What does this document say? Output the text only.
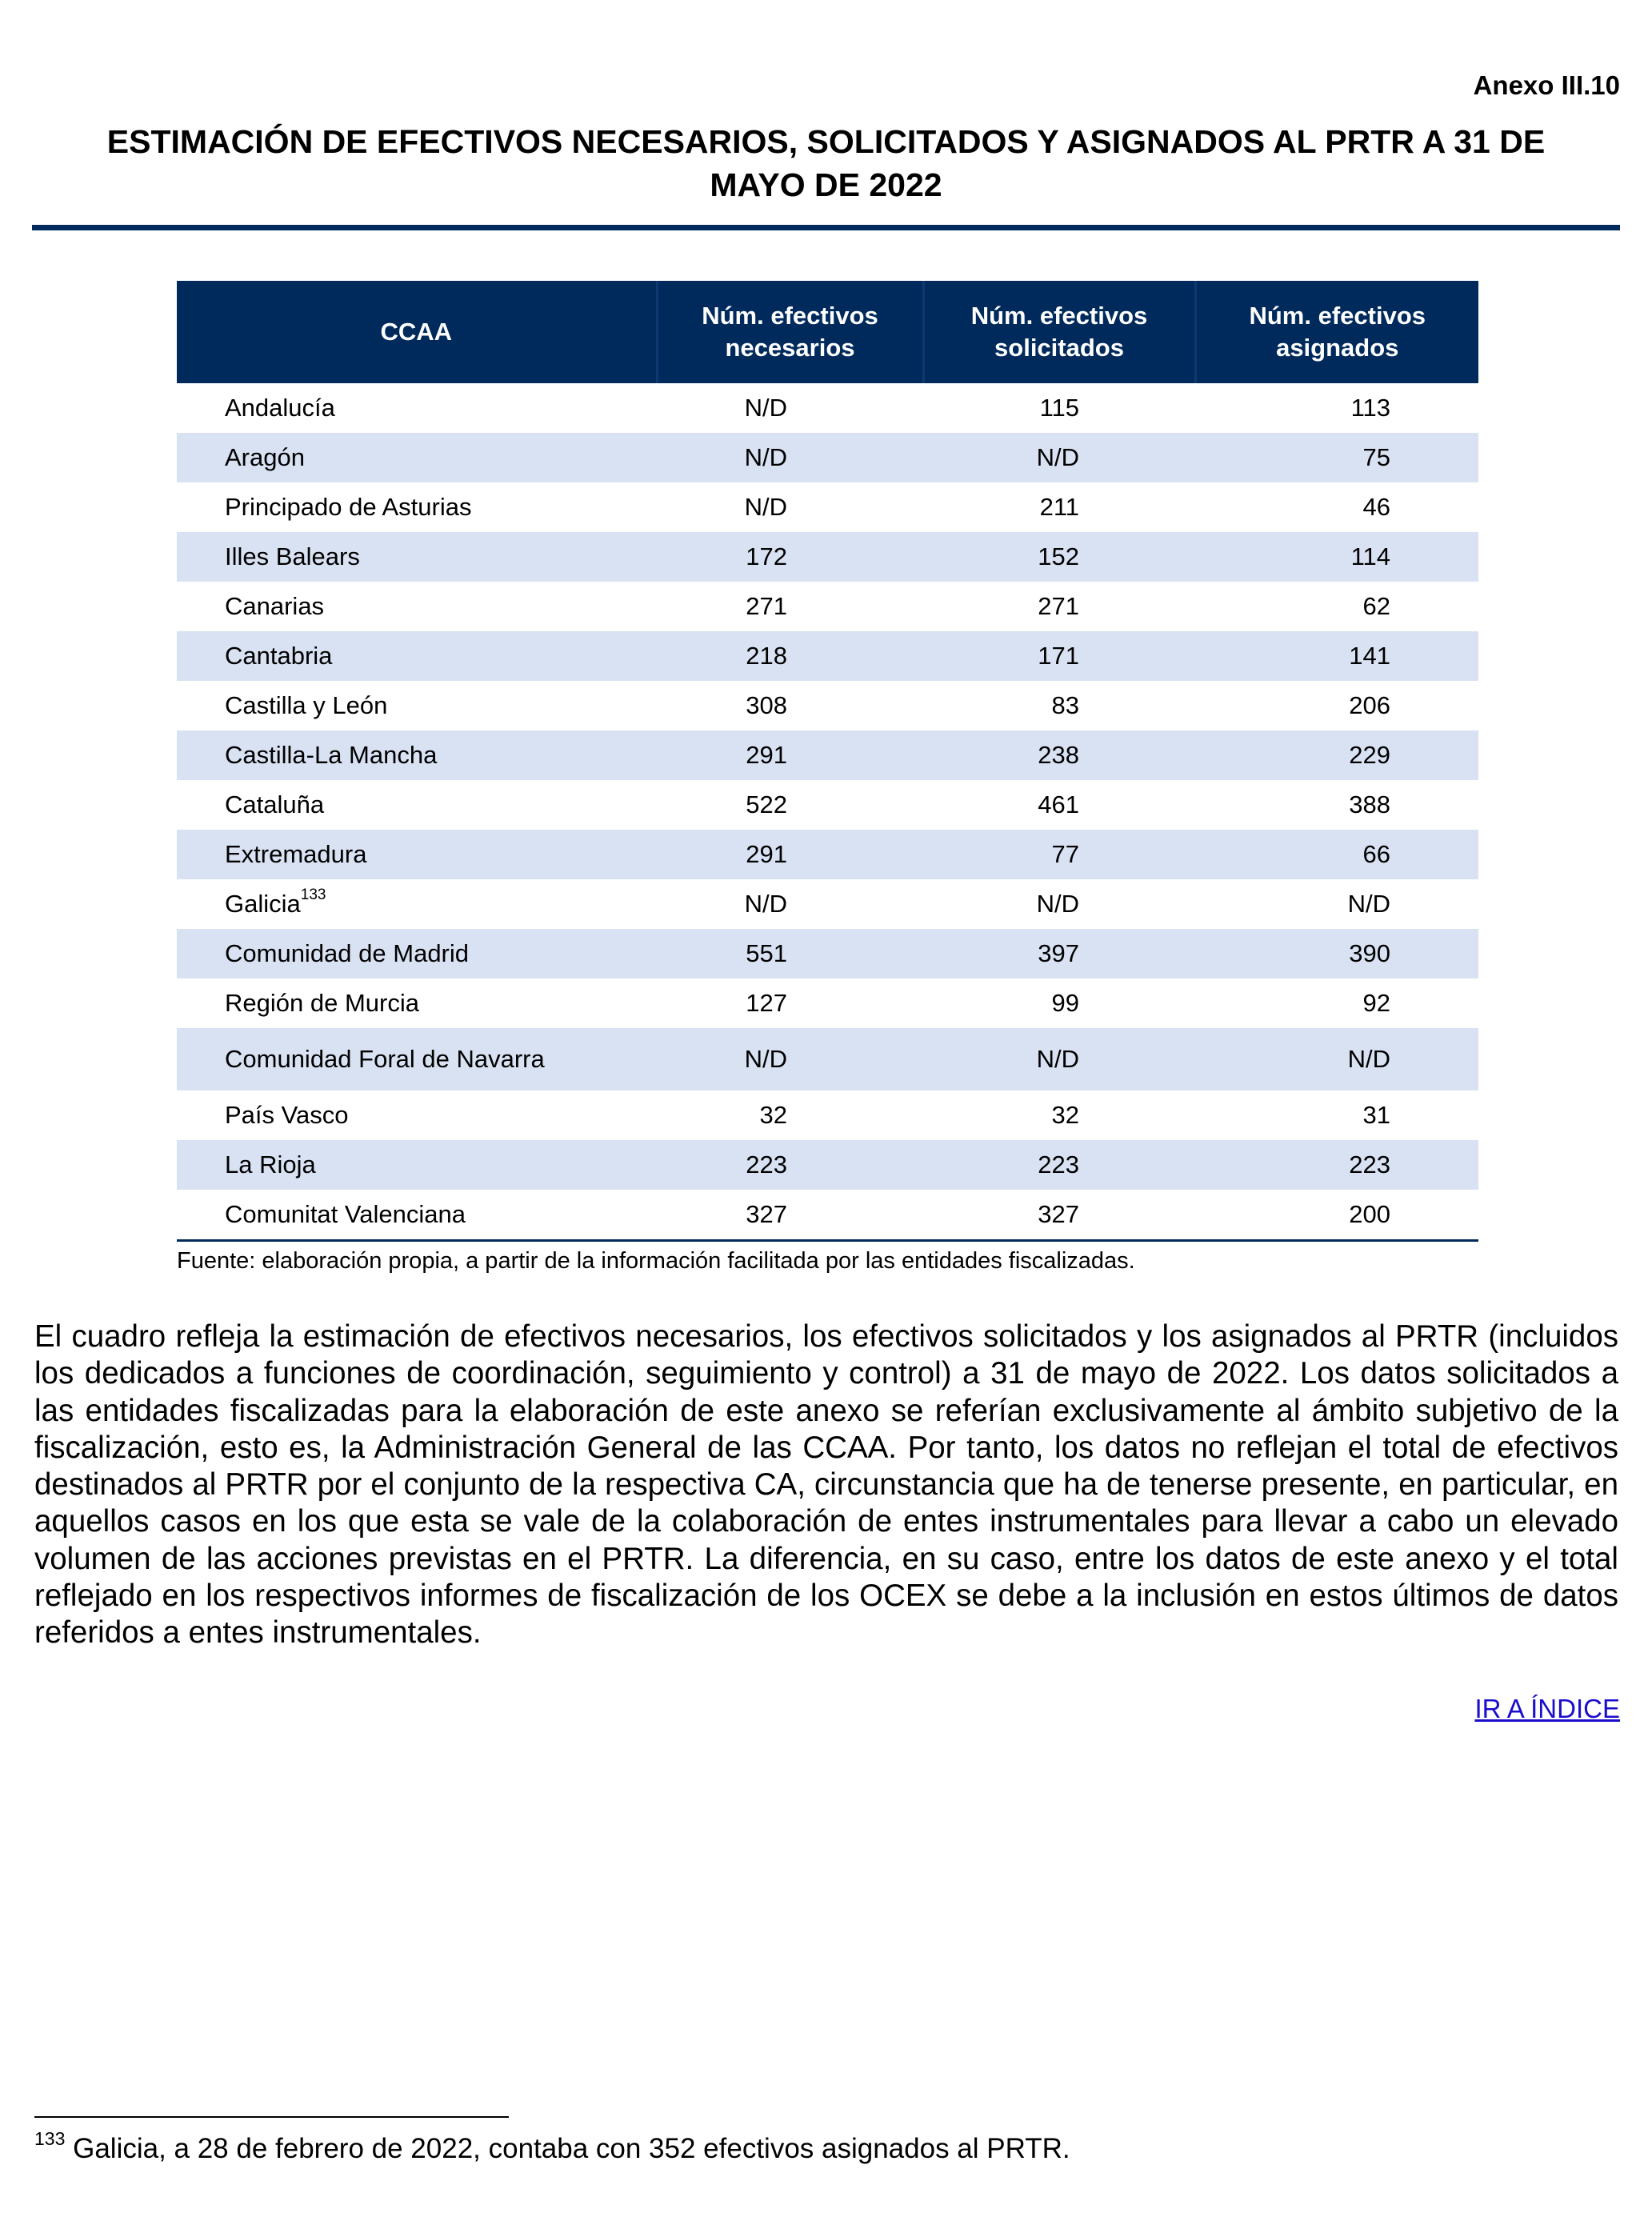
Anexo III.10
ESTIMACIÓN DE EFECTIVOS NECESARIOS, SOLICITADOS Y ASIGNADOS AL PRTR A 31 DE
MAYO DE 2022
CCAA	Núm. efectivos necesarios	Núm. efectivos solicitados	Núm. efectivos asignados
Andalucía	N/D	115	113
Aragón	N/D	N/D	75
Principado de Asturias	N/D	211	46
Illes Balears	172	152	114
Canarias	271	271	62
Cantabria	218	171	141
Castilla y León	308	83	206
Castilla-La Mancha	291	238	229
Cataluña	522	461	388
Extremadura	291	77	66
Galicia$^{133}$	N/D	N/D	N/D
Comunidad de Madrid	551	397	390
Región de Murcia	127	99	92
Comunidad Foral de Navarra	N/D	N/D	N/D
País Vasco	32	32	31
La Rioja	223	223	223
Comunitat Valenciana	327	327	200
Fuente: elaboración propia, a partir de la información facilitada por las entidades fiscalizadas.
El cuadro refleja la estimación de efectivos necesarios, los efectivos solicitados y los asignados al PRTR (incluidos los dedicados a funciones de coordinación, seguimiento y control) a 31 de mayo de 2022. Los datos solicitados a las entidades fiscalizadas para la elaboración de este anexo se referían exclusivamente al ámbito subjetivo de la fiscalización, esto es, la Administración General de las CCAA. Por tanto, los datos no reflejan el total de efectivos destinados al PRTR por el conjunto de la respectiva CA, circunstancia que ha de tenerse presente, en particular, en aquellos casos en los que esta se vale de la colaboración de entes instrumentales para llevar a cabo un elevado volumen de las acciones previstas en el PRTR. La diferencia, en su caso, entre los datos de este anexo y el total reflejado en los respectivos informes de fiscalización de los OCEX se debe a la inclusión en estos últimos de datos referidos a entes instrumentales.
IR A ÍNDICE
$^{133}$ Galicia, a 28 de febrero de 2022, contaba con 352 efectivos asignados al PRTR.
